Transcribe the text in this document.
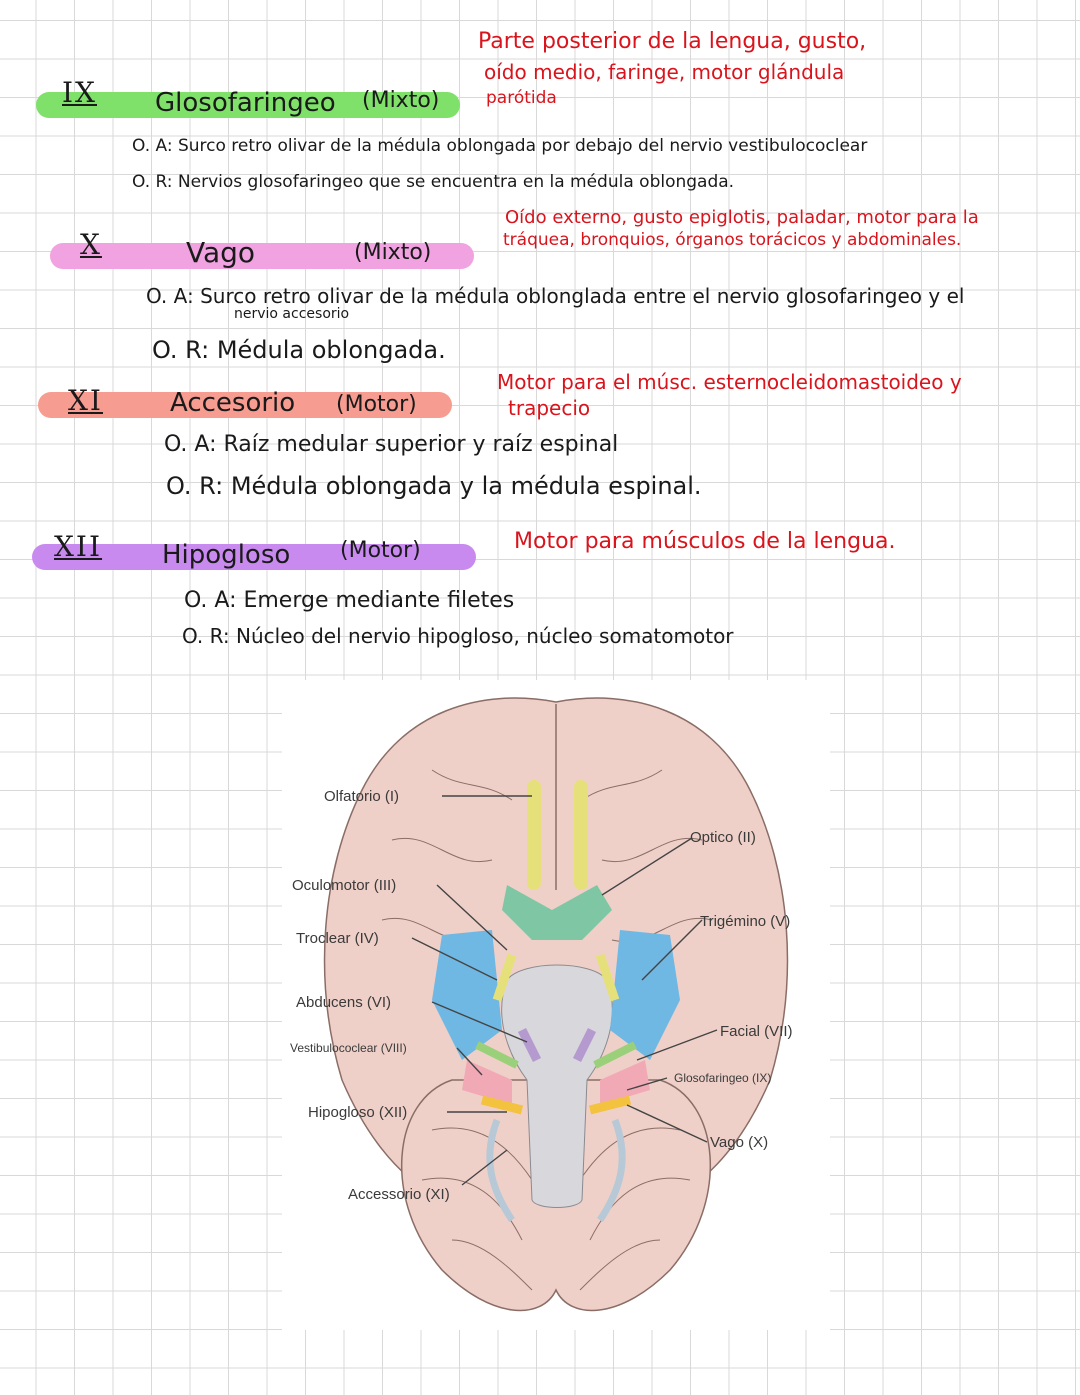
IX Glosofaringeo (Mixto)
Parte posterior de la lengua, gusto,
oído medio, faringe, motor glándula
parótida
O. A: Surco retro olivar de la médula oblongada por debajo del nervio vestibulococlear
O. R: Nervios glosofaringeo que se encuentra en la médula oblongada.
X	Vago	(Mixto)
Oído externo, gusto epiglotis, paladar, motor para la
tráquea, bronquios, órganos torácicos y abdominales.
O. A: Surco retro olivar de la médula oblonglada entre el nervio glosofaringeo y el
nervio accesorio
O. R: Médula oblongada.
XI	Accesorio (Motor)
Motor para el músc. esternocleidomastoideo y
trapecio
O. A: Raíz medular superior y raíz espinal
O. R: Médula oblongada y la médula espinal.
XII Hipogloso (Motor)	Motor para músculos de la lengua.
O. A: Emerge mediante filetes
O. R: Núcleo del nervio hipogloso, núcleo somatomotor
Olfatorio (I)
Optico (II)
Oculomotor (III)
Troclear (IV)
Trigémino (V)
Abducens (VI)
Facial (VII)
Vestibulococlear (VIII)
Glosofaringeo (IX)
Hipogloso (XII)
Vago (X)
Accessorio (XI)
